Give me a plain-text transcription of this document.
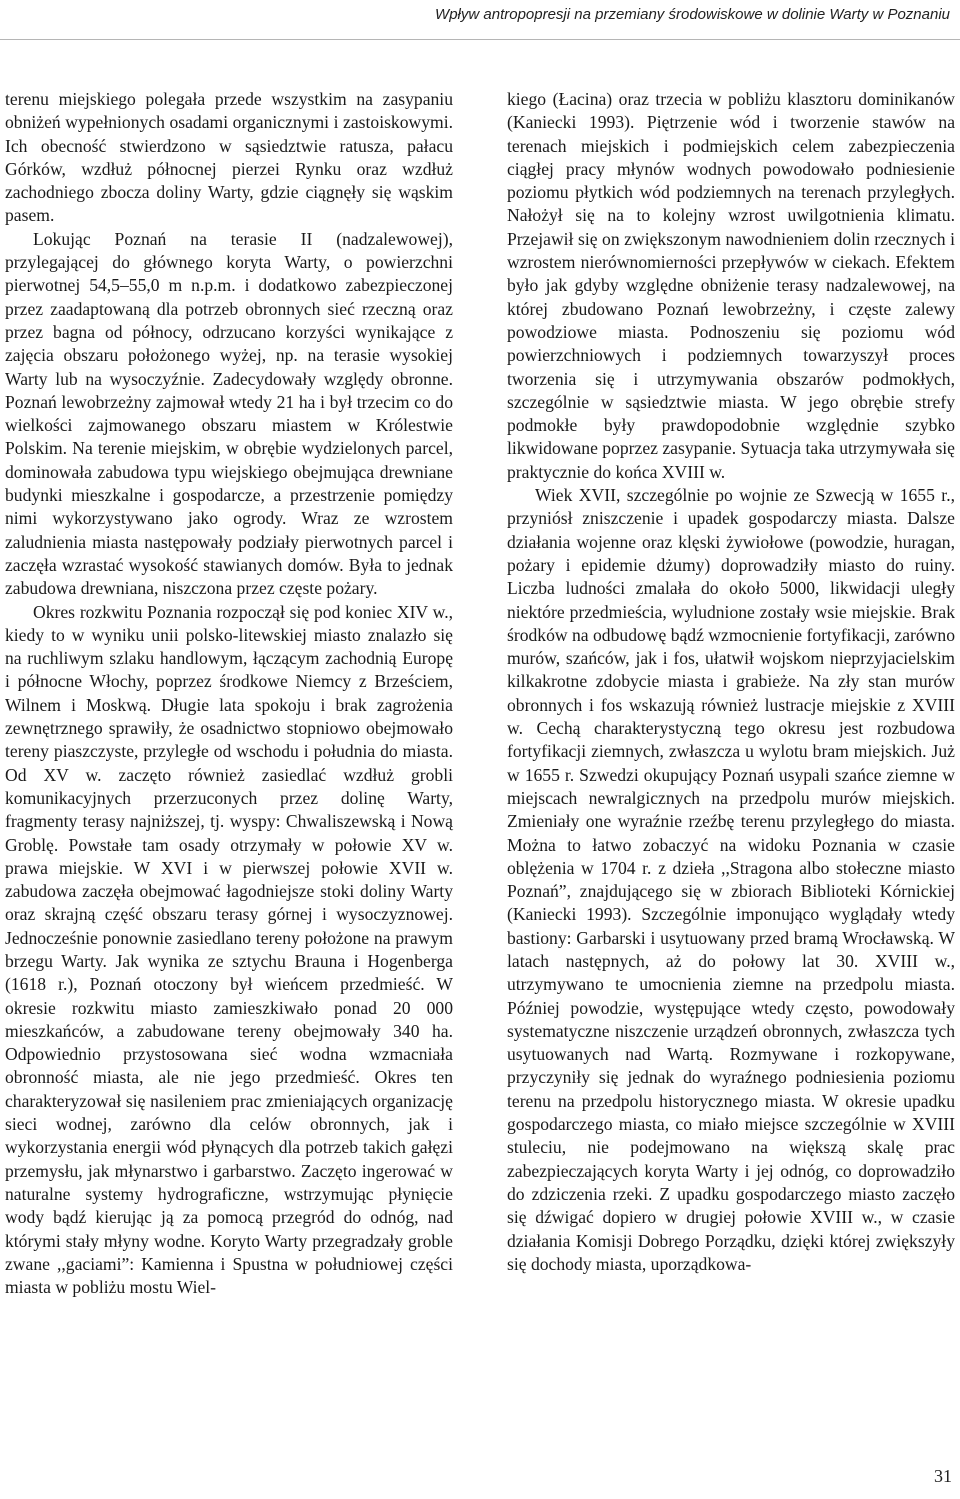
Wpływ antropopresji na przemiany środowiskowe w dolinie Warty w Poznaniu

terenu miejskiego polegała przede wszystkim na zasypaniu obniżeń wypełnionych osadami organicznymi i zastoiskowymi. Ich obecność stwierdzono w sąsiedztwie ratusza, pałacu Górków, wzdłuż północnej pierzei Rynku oraz wzdłuż zachodniego zbocza doliny Warty, gdzie ciągnęły się wąskim pasem.

Lokując Poznań na terasie II (nadzalewowej), przylegającej do głównego koryta Warty, o powierzchni pierwotnej 54,5–55,0 m n.p.m. i dodatkowo zabezpieczonej przez zaadaptowaną dla potrzeb obronnych sieć rzeczną oraz przez bagna od północy, odrzucano korzyści wynikające z zajęcia obszaru położonego wyżej, np. na terasie wysokiej Warty lub na wysoczyźnie. Zadecydowały względy obronne. Poznań lewobrzeżny zajmował wtedy 21 ha i był trzecim co do wielkości zajmowanego obszaru miastem w Królestwie Polskim. Na terenie miejskim, w obrębie wydzielonych parcel, dominowała zabudowa typu wiejskiego obejmująca drewniane budynki mieszkalne i gospodarcze, a przestrzenie pomiędzy nimi wykorzystywano jako ogrody. Wraz ze wzrostem zaludnienia miasta następowały podziały pierwotnych parcel i zaczęła wzrastać wysokość stawianych domów. Była to jednak zabudowa drewniana, niszczona przez częste pożary.

Okres rozkwitu Poznania rozpoczął się pod koniec XIV w., kiedy to w wyniku unii polsko-litewskiej miasto znalazło się na ruchliwym szlaku handlowym, łączącym zachodnią Europę i północne Włochy, poprzez środkowe Niemcy z Brześciem, Wilnem i Moskwą. Długie lata spokoju i brak zagrożenia zewnętrznego sprawiły, że osadnictwo stopniowo obejmowało tereny piaszczyste, przyległe od wschodu i południa do miasta. Od XV w. zaczęto również zasiedlać wzdłuż grobli komunikacyjnych przerzuconych przez dolinę Warty, fragmenty terasy najniższej, tj. wyspy: Chwaliszewską i Nową Groblę. Powstałe tam osady otrzymały w połowie XV w. prawa miejskie. W XVI i w pierwszej połowie XVII w. zabudowa zaczęła obejmować łagodniejsze stoki doliny Warty oraz skrajną część obszaru terasy górnej i wysoczyznowej. Jednocześnie ponownie zasiedlano tereny położone na prawym brzegu Warty. Jak wynika ze sztychu Brauna i Hogenberga (1618 r.), Poznań otoczony był wieńcem przedmieść. W okresie rozkwitu miasto zamieszkiwało ponad 20 000 mieszkańców, a zabudowane tereny obejmowały 340 ha. Odpowiednio przystosowana sieć wodna wzmacniała obronność miasta, ale nie jego przedmieść. Okres ten charakteryzował się nasileniem prac zmieniających organizację sieci wodnej, zarówno dla celów obronnych, jak i wykorzystania energii wód płynących dla potrzeb takich gałęzi przemysłu, jak młynarstwo i garbarstwo. Zaczęto ingerować w naturalne systemy hydrograficzne, wstrzymując płynięcie wody bądź kierując ją za pomocą przegród do odnóg, nad którymi stały młyny wodne. Koryto Warty przegradzały groble zwane ,,gaciami”: Kamienna i Spustna w południowej części miasta w pobliżu mostu Wiel-

kiego (Łacina) oraz trzecia w pobliżu klasztoru dominikanów (Kaniecki 1993). Piętrzenie wód i tworzenie stawów na terenach miejskich i podmiejskich celem zabezpieczenia ciągłej pracy młynów wodnych powodowało podniesienie poziomu płytkich wód podziemnych na terenach przyległych. Nałożył się na to kolejny wzrost uwilgotnienia klimatu. Przejawił się on zwiększonym nawodnieniem dolin rzecznych i wzrostem nierównomierności przepływów w ciekach. Efektem było jak gdyby względne obniżenie terasy nadzalewowej, na której zbudowano Poznań lewobrzeżny, i częste zalewy powodziowe miasta. Podnoszeniu się poziomu wód powierzchniowych i podziemnych towarzyszył proces tworzenia się i utrzymywania obszarów podmokłych, szczególnie w sąsiedztwie miasta. W jego obrębie strefy podmokłe były prawdopodobnie względnie szybko likwidowane poprzez zasypanie. Sytuacja taka utrzymywała się praktycznie do końca XVIII w.

Wiek XVII, szczególnie po wojnie ze Szwecją w 1655 r., przyniósł zniszczenie i upadek gospodarczy miasta. Dalsze działania wojenne oraz klęski żywiołowe (powodzie, huragan, pożary i epidemie dżumy) doprowadziły miasto do ruiny. Liczba ludności zmalała do około 5000, likwidacji uległy niektóre przedmieścia, wyludnione zostały wsie miejskie. Brak środków na odbudowę bądź wzmocnienie fortyfikacji, zarówno murów, szańców, jak i fos, ułatwił wojskom nieprzyjacielskim kilkakrotne zdobycie miasta i grabieże. Na zły stan murów obronnych i fos wskazują również lustracje miejskie z XVIII w. Cechą charakterystyczną tego okresu jest rozbudowa fortyfikacji ziemnych, zwłaszcza u wylotu bram miejskich. Już w 1655 r. Szwedzi okupujący Poznań usypali szańce ziemne w miejscach newralgicznych na przedpolu murów miejskich. Zmieniały one wyraźnie rzeźbę terenu przyległego do miasta. Można to łatwo zobaczyć na widoku Poznania w czasie oblężenia w 1704 r. z dzieła ,,Stragona albo stołeczne miasto Poznań”, znajdującego się w zbiorach Biblioteki Kórnickiej (Kaniecki 1993). Szczególnie imponująco wyglądały wtedy bastiony: Garbarski i usytuowany przed bramą Wrocławską. W latach następnych, aż do połowy lat 30. XVIII w., utrzymywano te umocnienia ziemne na przedpolu miasta. Później powodzie, występujące wtedy często, powodowały systematyczne niszczenie urządzeń obronnych, zwłaszcza tych usytuowanych nad Wartą. Rozmywane i rozkopywane, przyczyniły się jednak do wyraźnego podniesienia poziomu terenu na przedpolu historycznego miasta. W okresie upadku gospodarczego miasta, co miało miejsce szczególnie w XVIII stuleciu, nie podejmowano na większą skalę prac zabezpieczających koryta Warty i jej odnóg, co doprowadziło do zdziczenia rzeki. Z upadku gospodarczego miasto zaczęło się dźwigać dopiero w drugiej połowie XVIII w., w czasie działania Komisji Dobrego Porządku, dzięki której zwiększyły się dochody miasta, uporządkowa-

31
